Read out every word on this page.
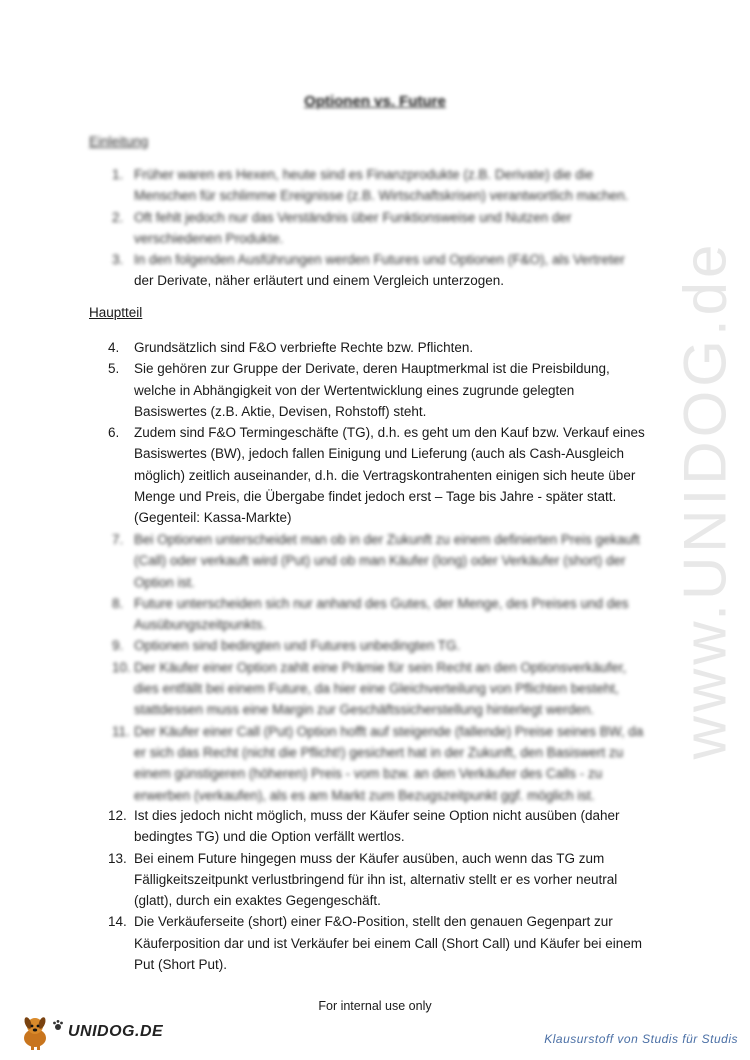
www.UNIDOG.de
Optionen vs. Future
Einleitung
1. Früher waren es Hexen, heute sind es Finanzprodukte (z.B. Derivate) die die
Menschen für schlimme Ereignisse (z.B. Wirtschaftskrisen) verantwortlich machen.
2. Oft fehlt jedoch nur das Verständnis über Funktionsweise und Nutzen der
verschiedenen Produkte.
3. In den folgenden Ausführungen werden Futures und Optionen (F&O), als Vertreter
der Derivate, näher erläutert und einem Vergleich unterzogen.
Hauptteil
4. Grundsätzlich sind F&O verbriefte Rechte bzw. Pflichten.
5. Sie gehören zur Gruppe der Derivate, deren Hauptmerkmal ist die Preisbildung,
welche in Abhängigkeit von der Wertentwicklung eines zugrunde gelegten
Basiswertes (z.B. Aktie, Devisen, Rohstoff) steht.
6. Zudem sind F&O Termingeschäfte (TG), d.h. es geht um den Kauf bzw. Verkauf eines
Basiswertes (BW), jedoch fallen Einigung und Lieferung (auch als Cash-Ausgleich
möglich) zeitlich auseinander, d.h. die Vertragskontrahenten einigen sich heute über
Menge und Preis, die Übergabe findet jedoch erst – Tage bis Jahre - später statt.
(Gegenteil: Kassa-Markte)
7. Bei Optionen unterscheidet man ob in der Zukunft zu einem definierten Preis gekauft
(Call) oder verkauft wird (Put) und ob man Käufer (long) oder Verkäufer (short) der
Option ist.
8. Future unterscheiden sich nur anhand des Gutes, der Menge, des Preises und des
Ausübungszeitpunkts.
9. Optionen sind bedingten und Futures unbedingten TG.
10. Der Käufer einer Option zahlt eine Prämie für sein Recht an den Optionsverkäufer,
dies entfällt bei einem Future, da hier eine Gleichverteilung von Pflichten besteht,
stattdessen muss eine Margin zur Geschäftssicherstellung hinterlegt werden.
11. Der Käufer einer Call (Put) Option hofft auf steigende (fallende) Preise seines BW, da
er sich das Recht (nicht die Pflicht!) gesichert hat in der Zukunft, den Basiswert zu
einem günstigeren (höheren) Preis - vom bzw. an den Verkäufer des Calls - zu
erwerben (verkaufen), als es am Markt zum Bezugszeitpunkt ggf. möglich ist.
12. Ist dies jedoch nicht möglich, muss der Käufer seine Option nicht ausüben (daher
bedingtes TG) und die Option verfällt wertlos.
13. Bei einem Future hingegen muss der Käufer ausüben, auch wenn das TG zum
Fälligkeitszeitpunkt verlustbringend für ihn ist, alternativ stellt er es vorher neutral
(glatt), durch ein exaktes Gegengeschäft.
14. Die Verkäuferseite (short) einer F&O-Position, stellt den genauen Gegenpart zur
Käuferposition dar und ist Verkäufer bei einem Call (Short Call) und Käufer bei einem
Put (Short Put).
For internal use only
UNIDOG.DE	Klausurstoff von Studis für Studis
